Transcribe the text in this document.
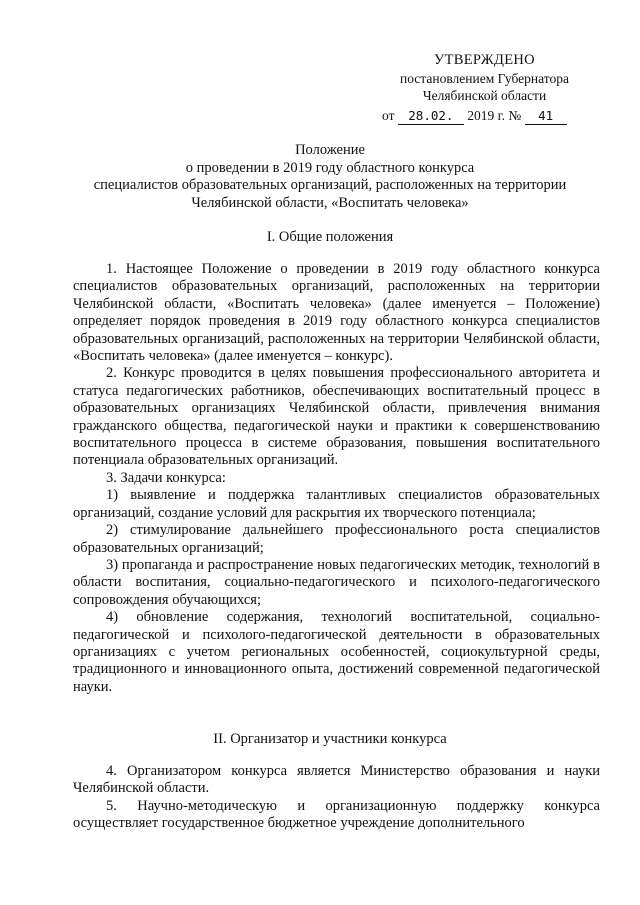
УТВЕРЖДЕНО
постановлением Губернатора
Челябинской области
от 28.02. 2019 г. № 41
Положение
о проведении в 2019 году областного конкурса
специалистов образовательных организаций, расположенных на территории
Челябинской области, «Воспитать человека»
I. Общие положения

1. Настоящее Положение о проведении в 2019 году областного конкурса специалистов образовательных организаций, расположенных на территории Челябинской области, «Воспитать человека» (далее именуется – Положение) определяет порядок проведения в 2019 году областного конкурса специалистов образовательных организаций, расположенных на территории Челябинской области, «Воспитать человека» (далее именуется – конкурс).

2. Конкурс проводится в целях повышения профессионального авторитета и статуса педагогических работников, обеспечивающих воспитательный процесс в образовательных организациях Челябинской области, привлечения внимания гражданского общества, педагогической науки и практики к совершенствованию воспитательного процесса в системе образования, повышения воспитательного потенциала образовательных организаций.

3. Задачи конкурса:

1) выявление и поддержка талантливых специалистов образовательных организаций, создание условий для раскрытия их творческого потенциала;

2) стимулирование дальнейшего профессионального роста специалистов образовательных организаций;

3) пропаганда и распространение новых педагогических методик, технологий в области воспитания, социально-педагогического и психолого-педагогического сопровождения обучающихся;

4) обновление содержания, технологий воспитательной, социально-педагогической и психолого-педагогической деятельности в образовательных организациях с учетом региональных особенностей, социокультурной среды, традиционного и инновационного опыта, достижений современной педагогической науки.

II. Организатор и участники конкурса

4. Организатором конкурса является Министерство образования и науки Челябинской области.

5. Научно-методическую и организационную поддержку конкурса осуществляет государственное бюджетное учреждение дополнительного
